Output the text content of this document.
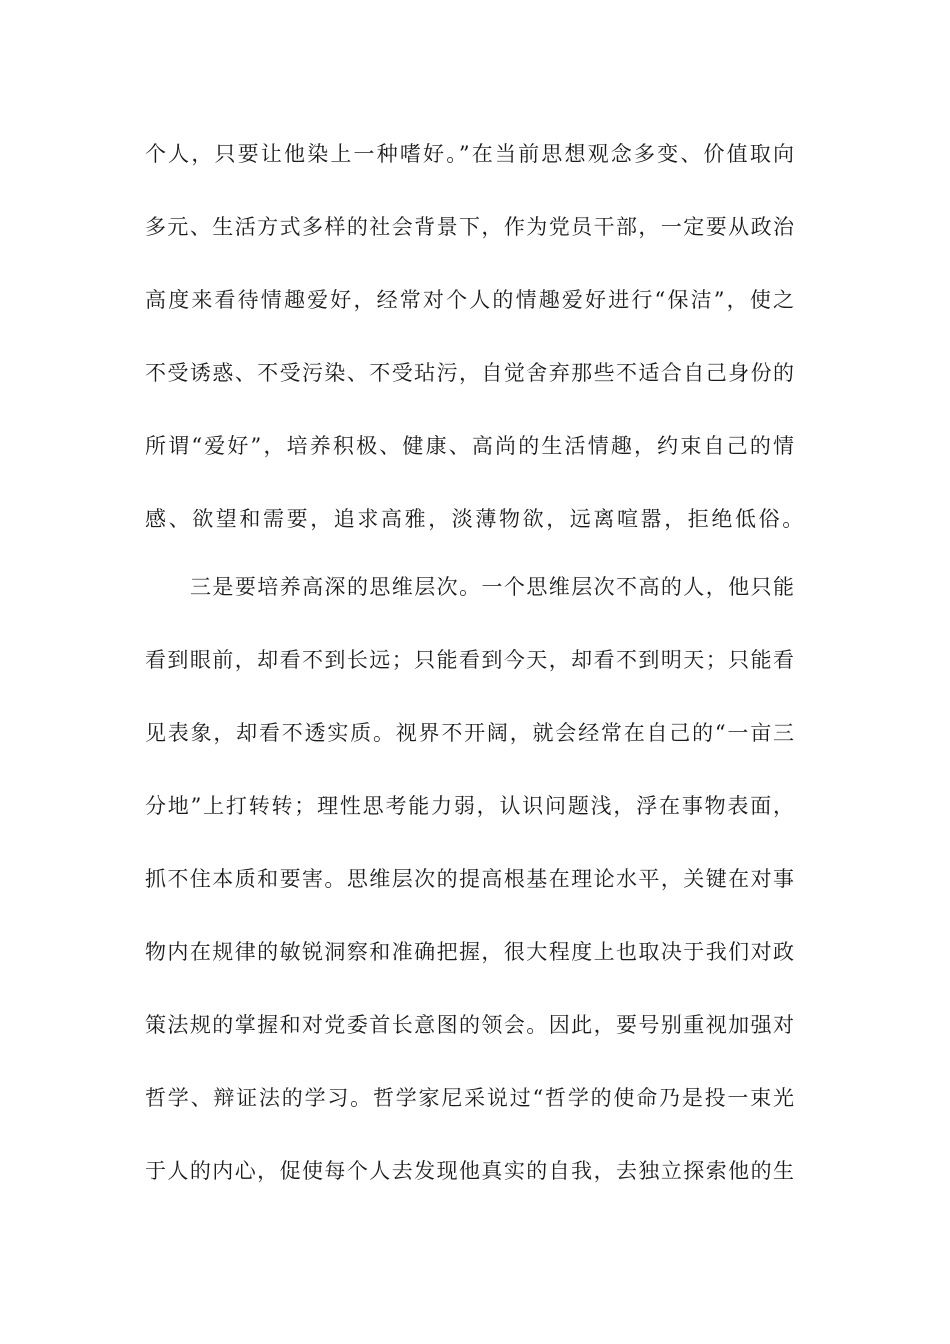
个人，只要让他染上一种嗜好。”在当前思想观念多变、价值取向
多元、生活方式多样的社会背景下，作为党员干部，一定要从政治
高度来看待情趣爱好，经常对个人的情趣爱好进行“保洁”，使之
不受诱惑、不受污染、不受玷污，自觉舍弃那些不适合自己身份的
所谓“爱好”，培养积极、健康、高尚的生活情趣，约束自己的情
感、欲望和需要，追求高雅，淡薄物欲，远离喧嚣，拒绝低俗。
三是要培养高深的思维层次。一个思维层次不高的人，他只能
看到眼前，却看不到长远；只能看到今天，却看不到明天；只能看
见表象，却看不透实质。视界不开阔，就会经常在自己的“一亩三
分地”上打转转；理性思考能力弱，认识问题浅，浮在事物表面，
抓不住本质和要害。思维层次的提高根基在理论水平，关键在对事
物内在规律的敏锐洞察和准确把握，很大程度上也取决于我们对政
策法规的掌握和对党委首长意图的领会。因此，要号别重视加强对
哲学、辩证法的学习。哲学家尼采说过“哲学的使命乃是投一束光
于人的内心，促使每个人去发现他真实的自我，去独立探索他的生
